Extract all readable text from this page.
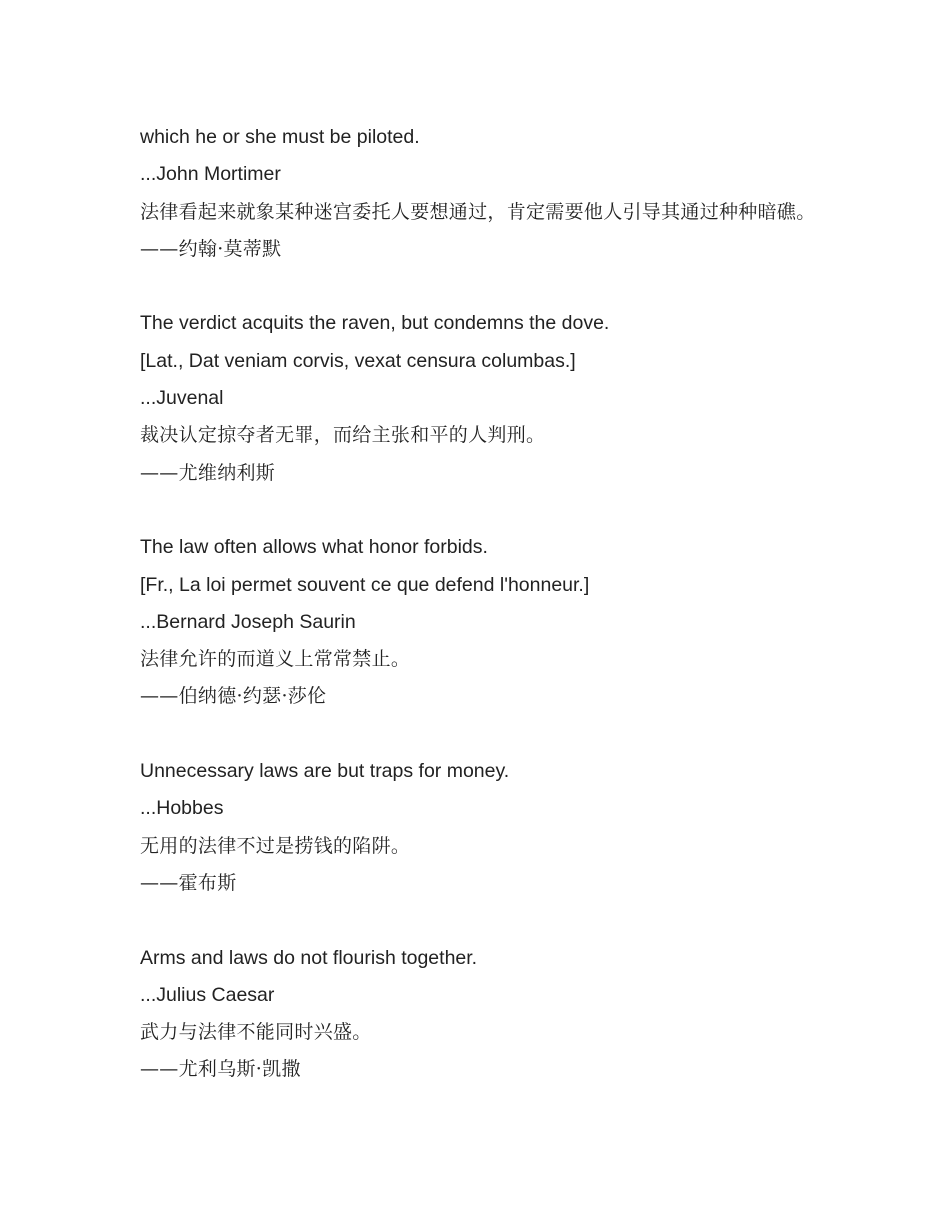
which he or she must be piloted.
...John Mortimer
法律看起来就象某种迷宫委托人要想通过，肯定需要他人引导其通过种种暗礁。
——约翰·莫蒂默
The verdict acquits the raven, but condemns the dove.
[Lat., Dat veniam corvis, vexat censura columbas.]
...Juvenal
裁决认定掠夺者无罪，而给主张和平的人判刑。
——尤维纳利斯
The law often allows what honor forbids.
[Fr., La loi permet souvent ce que defend l'honneur.]
...Bernard Joseph Saurin
法律允许的而道义上常常禁止。
——伯纳德·约瑟·莎伦
Unnecessary laws are but traps for money.
...Hobbes
无用的法律不过是捞钱的陷阱。
——霍布斯
Arms and laws do not flourish together.
...Julius Caesar
武力与法律不能同时兴盛。
——尤利乌斯·凯撒
